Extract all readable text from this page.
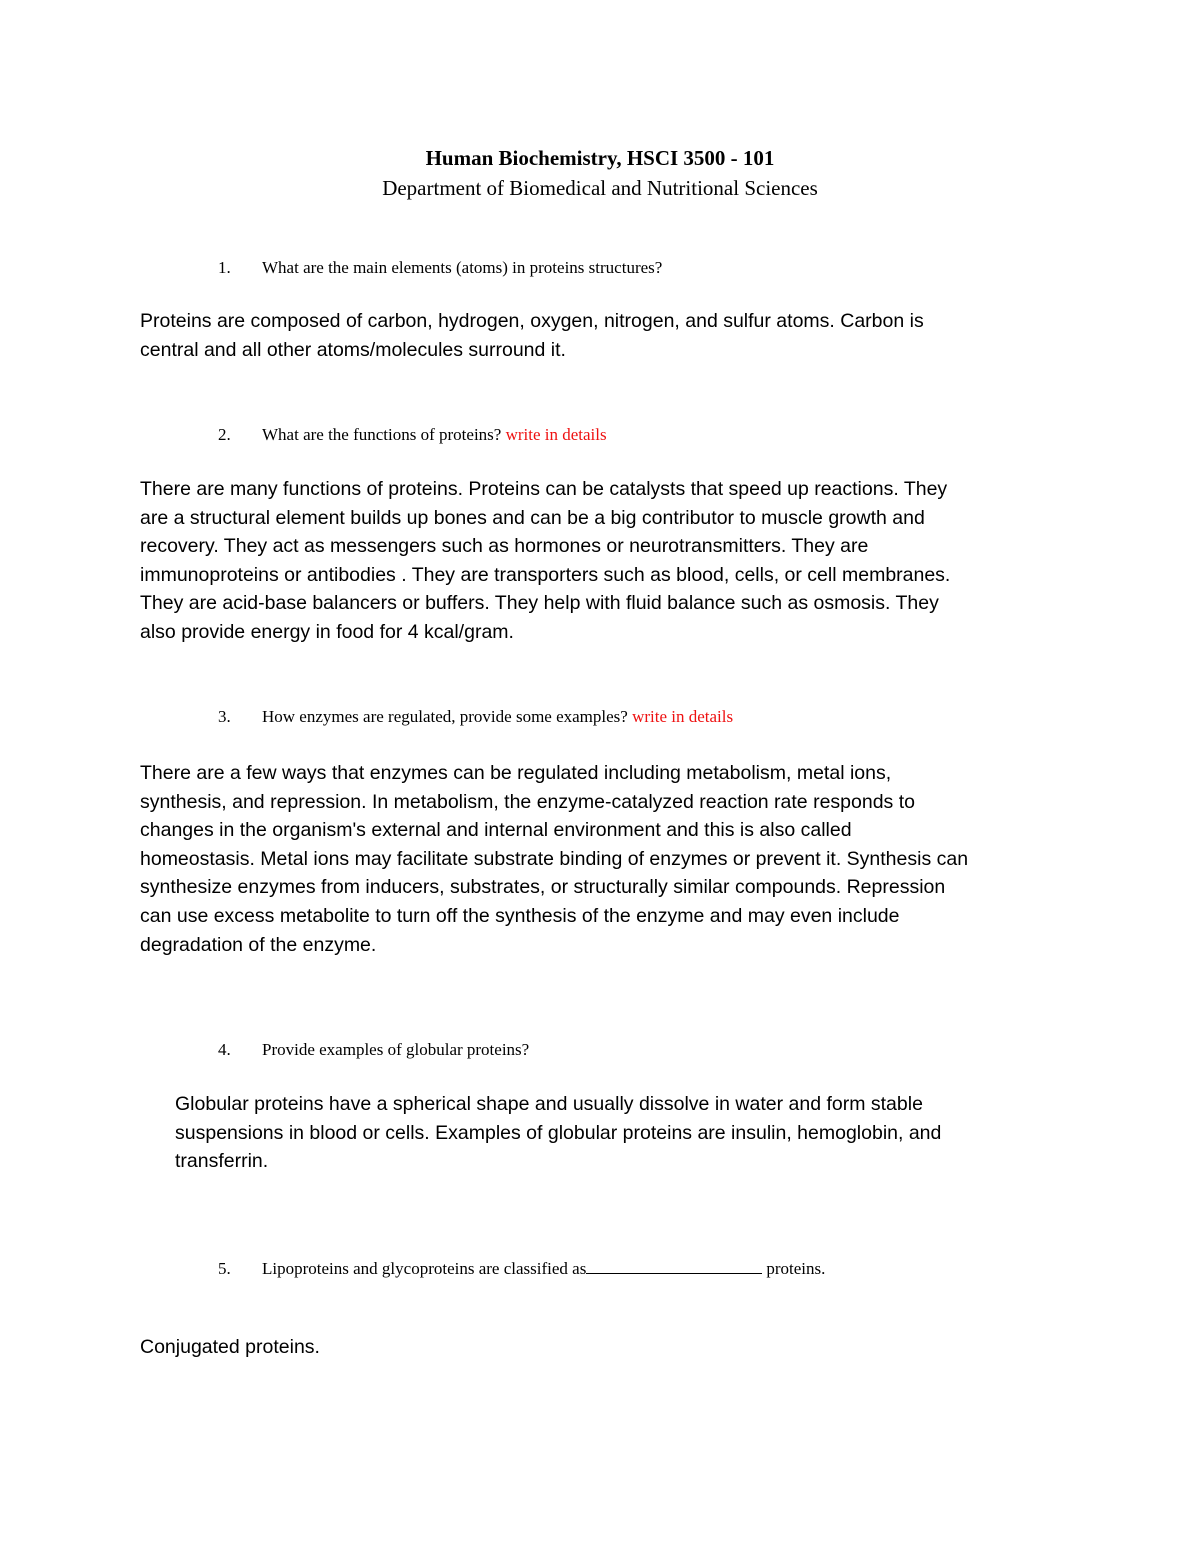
Human Biochemistry, HSCI 3500 - 101

Department of Biomedical and Nutritional Sciences

1. What are the main elements (atoms) in proteins structures?

Proteins are composed of carbon, hydrogen, oxygen, nitrogen, and sulfur atoms. Carbon is
central and all other atoms/molecules surround it.

2. What are the functions of proteins? write in details

There are many functions of proteins. Proteins can be catalysts that speed up reactions. They
are a structural element builds up bones and can be a big contributor to muscle growth and
recovery. They act as messengers such as hormones or neurotransmitters. They are
immunoproteins or antibodies . They are transporters such as blood, cells, or cell membranes.
They are acid-base balancers or buffers. They help with fluid balance such as osmosis. They
also provide energy in food for 4 kcal/gram.

3. How enzymes are regulated, provide some examples? write in details

There are a few ways that enzymes can be regulated including metabolism, metal ions,
synthesis, and repression. In metabolism, the enzyme-catalyzed reaction rate responds to
changes in the organism's external and internal environment and this is also called
homeostasis. Metal ions may facilitate substrate binding of enzymes or prevent it. Synthesis can
synthesize enzymes from inducers, substrates, or structurally similar compounds. Repression
can use excess metabolite to turn off the synthesis of the enzyme and may even include
degradation of the enzyme.

4. Provide examples of globular proteins?

Globular proteins have a spherical shape and usually dissolve in water and form stable
suspensions in blood or cells. Examples of globular proteins are insulin, hemoglobin, and
transferrin.

5. Lipoproteins and glycoproteins are classified as	proteins.

Conjugated proteins.
